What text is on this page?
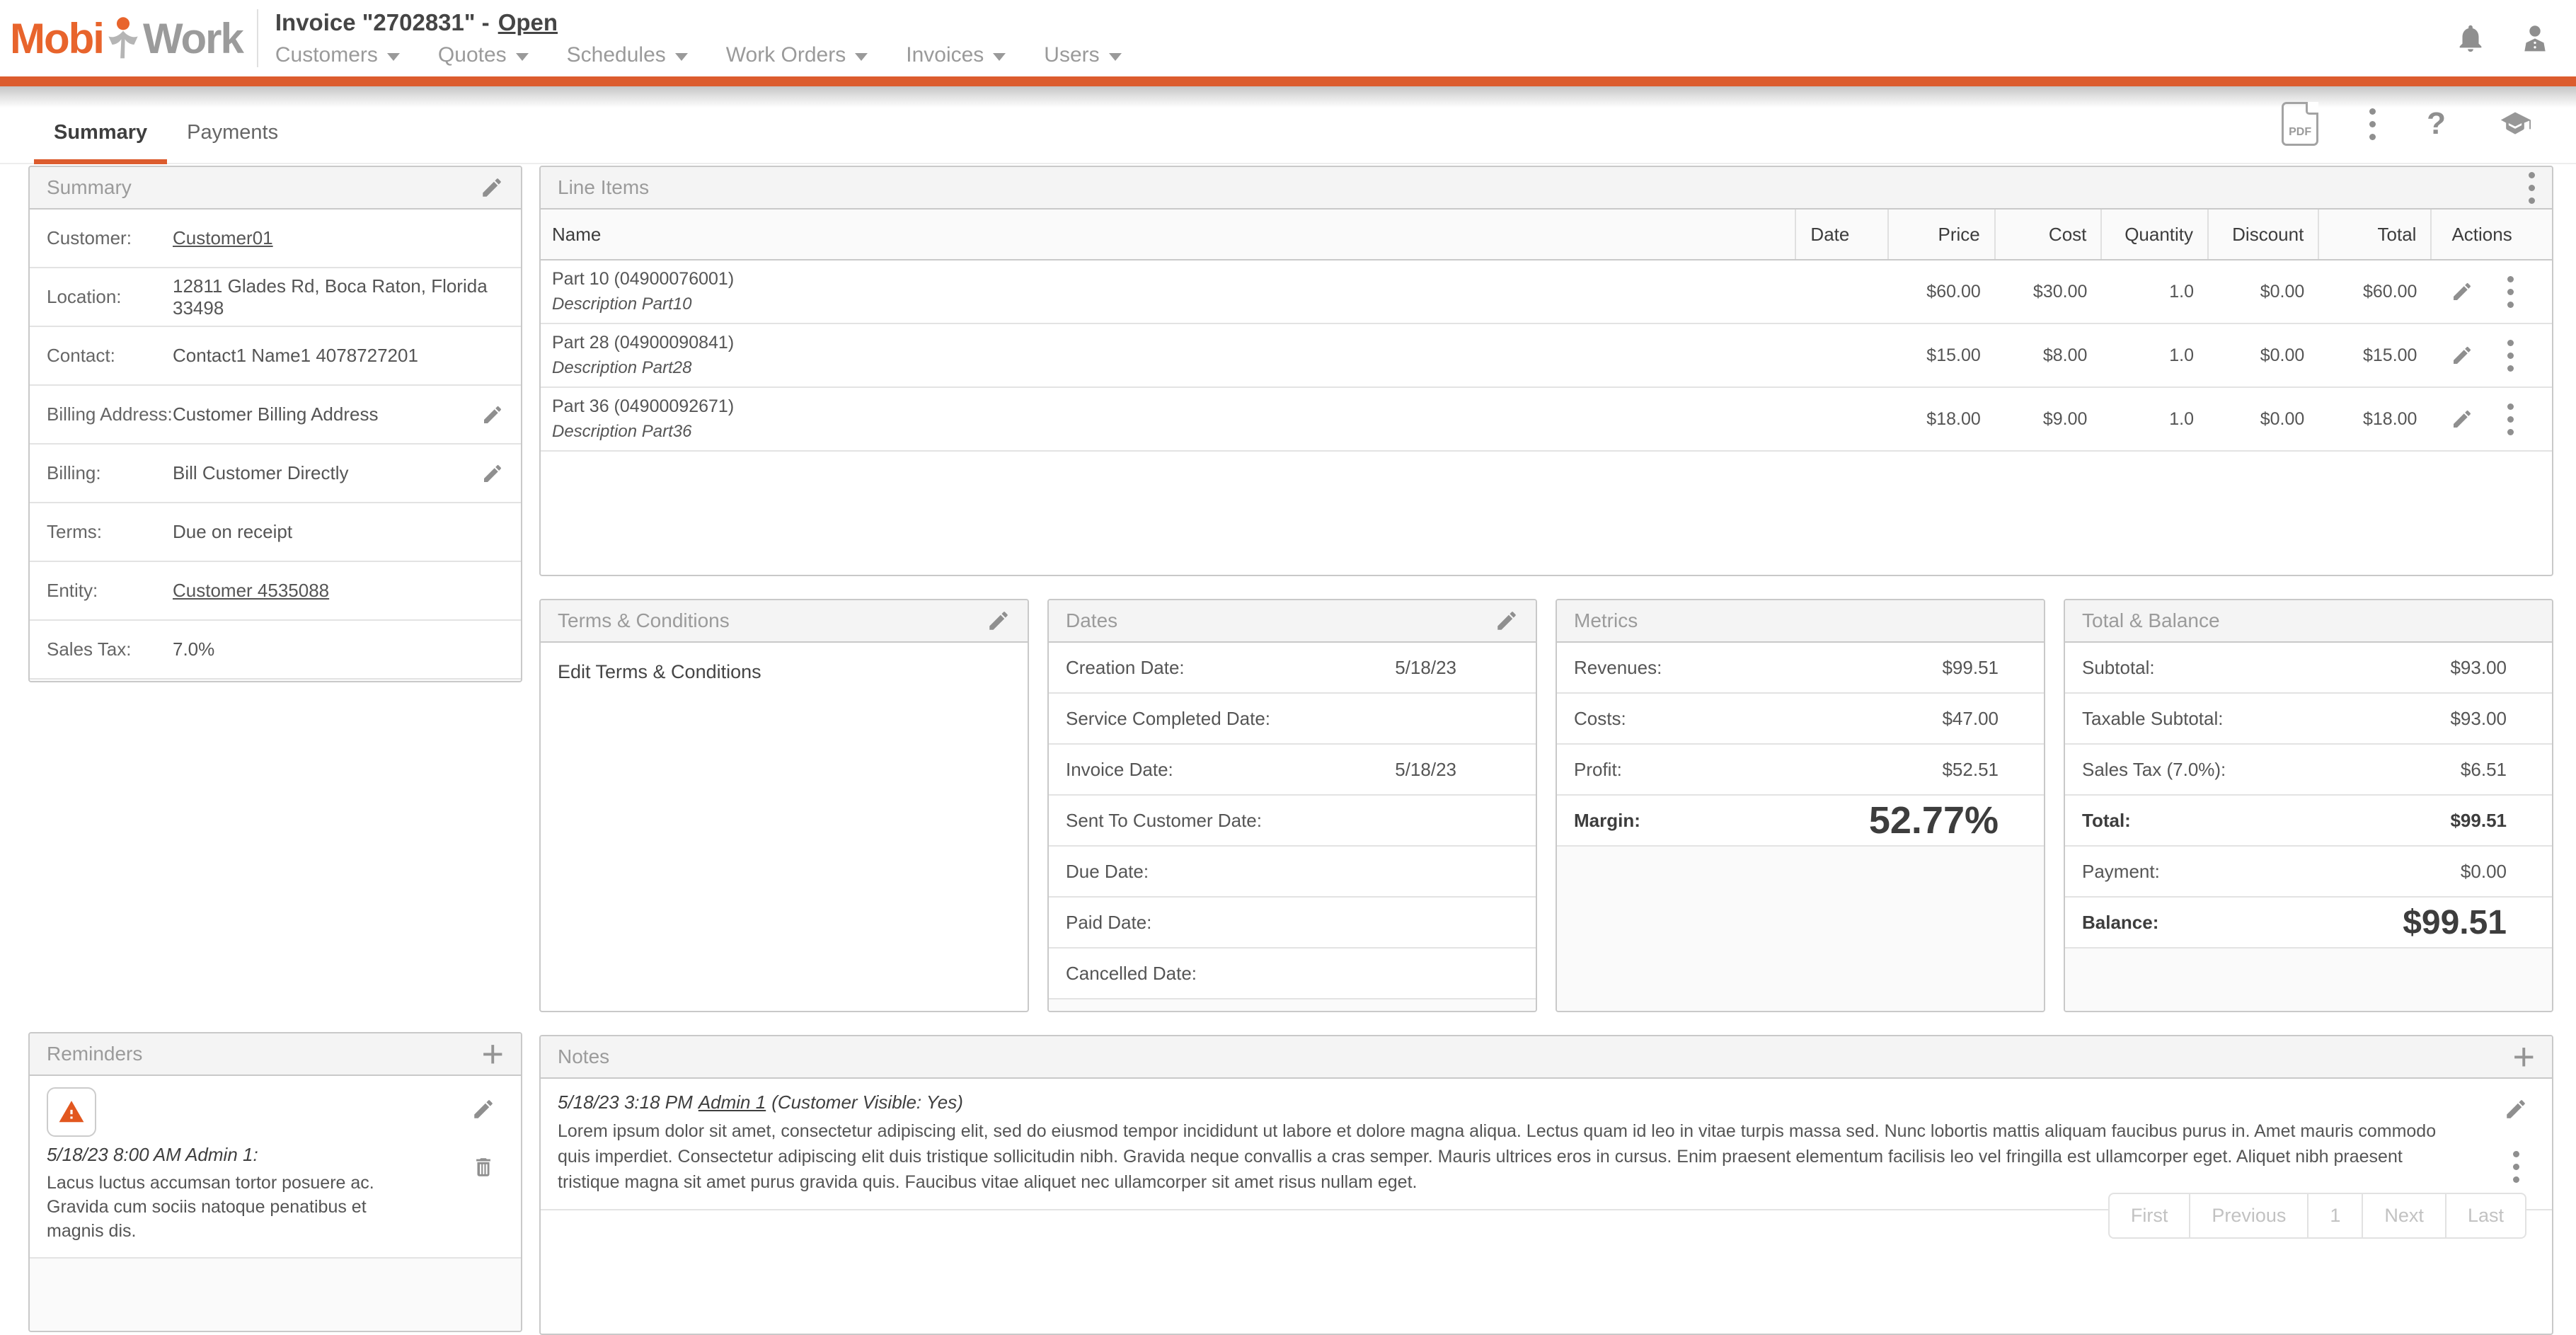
Mobi Work Invoice "2702831" - Open
Customers	Quotes	Schedules	Work Orders	Invoices	Users
Summary	Payments	PDF	?
Summary
Customer:	Customer01
Location:
12811 Glades Rd, Boca Raton, Florida 33498
Contact:	Contact1 Name1 4078727201
Billing Address: Customer Billing Address
Billing:	Bill Customer Directly
Terms:	Due on receipt
Entity:	Customer 4535088
Sales Tax:	7.0%
Reminders	+
5/18/23 8:00 AM Admin 1:
Lacus luctus accumsan tortor posuere ac. Gravida cum sociis natoque penatibus et magnis dis.
Line Items
Name	Date	Price	Cost	Quantity	Discount	Total	Actions

Part 10 (04900076001)
Description Part10		$60.00	$30.00	1.0	$0.00	$60.00	

Part 28 (04900090841)
Description Part28		$15.00	$8.00	1.0	$0.00	$15.00	

Part 36 (04900092671)
Description Part36		$18.00	$9.00	1.0	$0.00	$18.00	
Terms & Conditions
Edit Terms & Conditions
Dates
Creation Date:	5/18/23
Service Completed Date:
Invoice Date:	5/18/23
Sent To Customer Date:
Due Date:
Paid Date:
Cancelled Date:
Metrics
Revenues:	$99.51
Costs:	$47.00
Profit:	$52.51
Margin:	52.77%
Total & Balance
Subtotal:	$93.00
Taxable Subtotal:	$93.00
Sales Tax (7.0%):	$6.51
Total:	$99.51
Payment:	$0.00
Balance:	$99.51
Notes	+
5/18/23 3:18 PM Admin 1 (Customer Visible: Yes)
Lorem ipsum dolor sit amet, consectetur adipiscing elit, sed do eiusmod tempor incididunt ut labore et dolore magna aliqua. Lectus quam id leo in vitae turpis massa sed. Nunc lobortis mattis aliquam faucibus purus in. Amet mauris commodo quis imperdiet. Consectetur adipiscing elit duis tristique sollicitudin nibh. Gravida neque convallis a cras semper. Mauris ultrices eros in cursus. Enim praesent elementum facilisis leo vel fringilla est ullamcorper eget. Aliquet nibh praesent tristique magna sit amet purus gravida quis. Faucibus vitae aliquet nec ullamcorper sit amet risus nullam eget.
First	Previous	1	Next	Last
